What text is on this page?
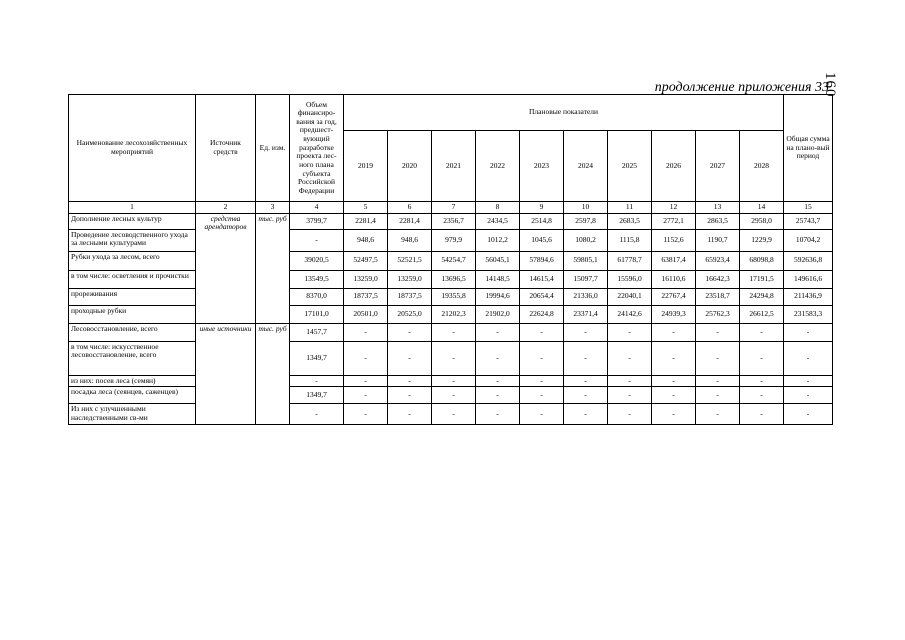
160
продолжение приложения 33
Наименование лесохозяйственных мероприятий	Источник средств	Ед. изм.	Объем финансиро-вания за год, предшест-вующий разработке проекта лес-ного плана субъекта Российской Федерации	Плановые показатели										Общая сумма на плано-вый период
				2019	2020	2021	2022	2023	2024	2025	2026	2027	2028	
1	2	3	4	5	6	7	8	9	10	11	12	13	14	15
Дополнение лесных культур	средства арендаторов	тыс. руб	3799,7	2281,4	2281,4	2356,7	2434,5	2514,8	2597,8	2683,5	2772,1	2863,5	2958,0	25743,7
Проведение лесоводственного ухода за лесными культурами			-	948,6	948,6	979,9	1012,2	1045,6	1080,2	1115,8	1152,6	1190,7	1229,9	10704,2
Рубки ухода за лесом, всего			39020,5	52497,5	52521,5	54254,7	56045,1	57894,6	59805,1	61778,7	63817,4	65923,4	68098,8	592636,8
в том числе: осветления и прочистки			13549,5	13259,0	13259,0	13696,5	14148,5	14615,4	15097,7	15596,0	16110,6	16642,3	17191,5	149616,6
прореживания			8370,0	18737,5	18737,5	19355,8	19994,6	20654,4	21336,0	22040,1	22767,4	23518,7	24294,8	211436,9
проходные рубки			17101,0	20501,0	20525,0	21202,3	21902,0	22624,8	23371,4	24142,6	24939,3	25762,3	26612,5	231583,3
Лесовосстановление, всего	иные источники	тыс. руб	1457,7	-	-	-	-	-	-	-	-	-	-	-
в том числе: искусственное лесовосстановление, всего			1349,7	-	-	-	-	-	-	-	-	-	-	-
из них: посев леса (семян)			-	-	-	-	-	-	-	-	-	-	-	-
посадка леса (сеянцев, саженцев)			1349,7	-	-	-	-	-	-	-	-	-	-	-
Из них с улучшенными наследственными св-ми			-	-	-	-	-	-	-	-	-	-	-	-
